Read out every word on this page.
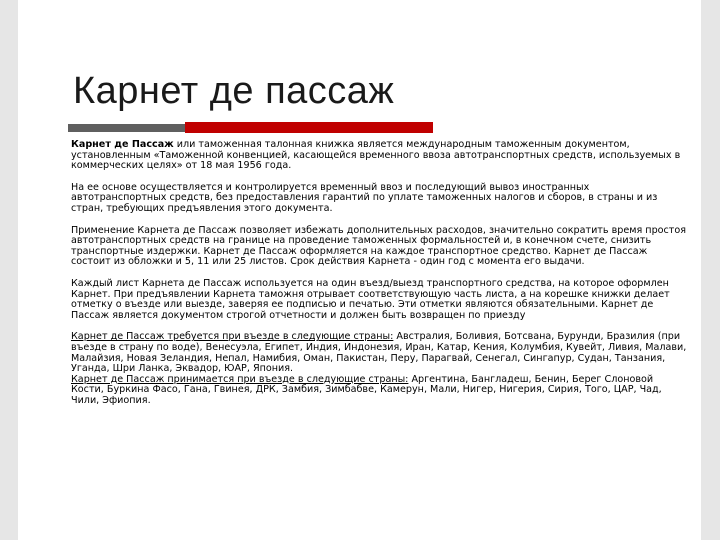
Карнет де пассаж

Карнет де Пассаж или таможенная талонная книжка является международным таможенным документом, установленным «Таможенной конвенцией, касающейся временного ввоза автотранспортных средств, используемых в коммерческих целях» от 18 мая 1956 года.

На ее основе осуществляется и контролируется временный ввоз и последующий вывоз иностранных автотранспортных средств, без предоставления гарантий по уплате таможенных налогов и сборов, в страны и из стран, требующих предъявления этого документа.

Применение Карнета де Пассаж позволяет избежать дополнительных расходов, значительно сократить время простоя автотранспортных средств на границе на проведение таможенных формальностей и, в конечном счете, снизить транспортные издержки. Карнет де Пассаж оформляется на каждое транспортное средство. Карнет де Пассаж состоит из обложки и 5, 11 или 25 листов. Срок действия Карнета - один год с момента его выдачи.

Каждый лист Карнета де Пассаж используется на один въезд/выезд транспортного средства, на которое оформлен Карнет. При предъявлении Карнета таможня отрывает соответствующую часть листа, а на корешке книжки делает отметку о въезде или выезде, заверяя ее подписью и печатью. Эти отметки являются обязательными. Карнет де Пассаж является документом строгой отчетности и должен быть возвращен по приезду

Карнет де Пассаж требуется при въезде в следующие страны: Австралия, Боливия, Ботсвана, Бурунди, Бразилия (при въезде в страну по воде), Венесуэла, Египет, Индия, Индонезия, Иран, Катар, Кения, Колумбия, Кувейт, Ливия, Малави, Малайзия, Новая Зеландия, Непал, Намибия, Оман, Пакистан, Перу, Парагвай, Сенегал, Сингапур, Судан, Танзания, Уганда, Шри Ланка, Эквадор, ЮАР, Япония.

Карнет де Пассаж принимается при въезде в следующие страны: Аргентина, Бангладеш, Бенин, Берег Слоновой Кости, Буркина Фасо, Гана, Гвинея, ДРК, Замбия, Зимбабве, Камерун, Мали, Нигер, Нигерия, Сирия, Того, ЦАР, Чад, Чили, Эфиопия.
